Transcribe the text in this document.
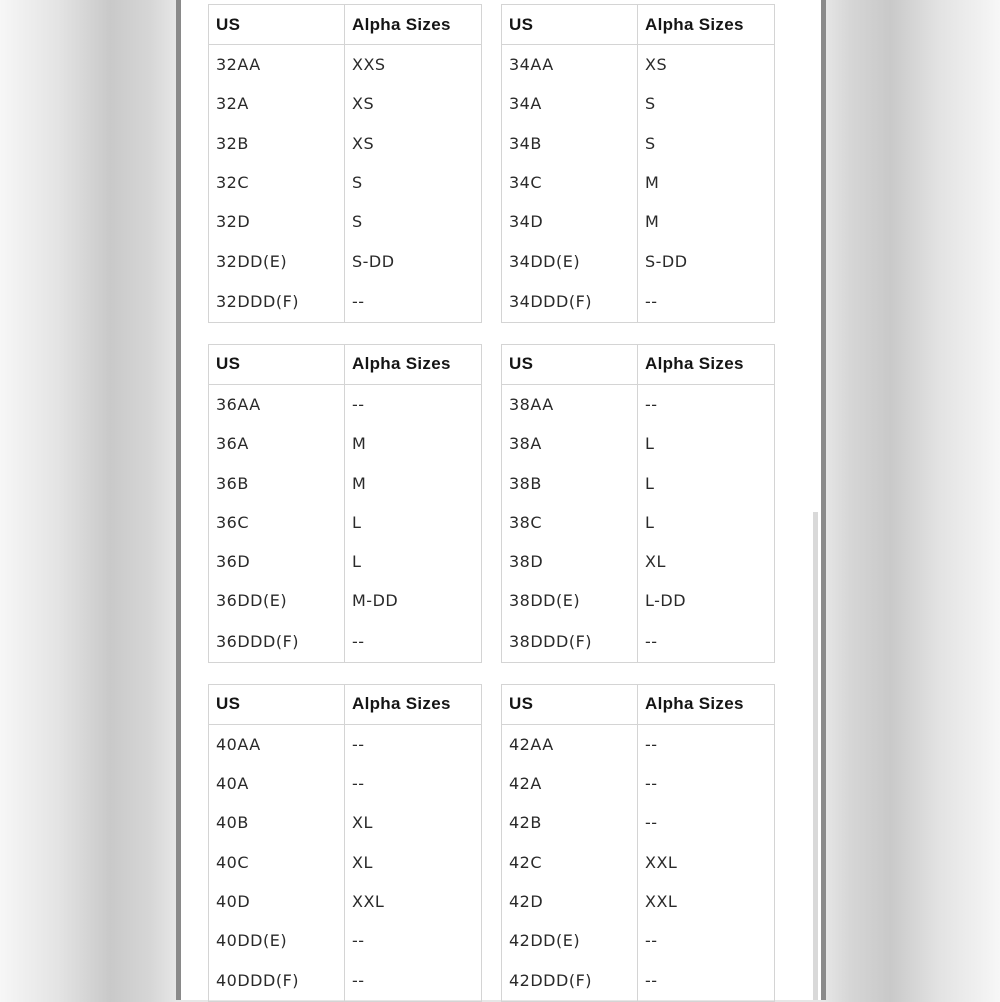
US	Alpha Sizes
32AA	XXS
32A	XS
32B	XS
32C	S
32D	S
32DD(E)	S-DD
32DDD(F)	--
US	Alpha Sizes
34AA	XS
34A	S
34B	S
34C	M
34D	M
34DD(E)	S-DD
34DDD(F)	--
US	Alpha Sizes
36AA	--
36A	M
36B	M
36C	L
36D	L
36DD(E)	M-DD
36DDD(F)	--
US	Alpha Sizes
38AA	--
38A	L
38B	L
38C	L
38D	XL
38DD(E)	L-DD
38DDD(F)	--
US	Alpha Sizes
40AA	--
40A	--
40B	XL
40C	XL
40D	XXL
40DD(E)	--
40DDD(F)	--
US	Alpha Sizes
42AA	--
42A	--
42B	--
42C	XXL
42D	XXL
42DD(E)	--
42DDD(F)	--
